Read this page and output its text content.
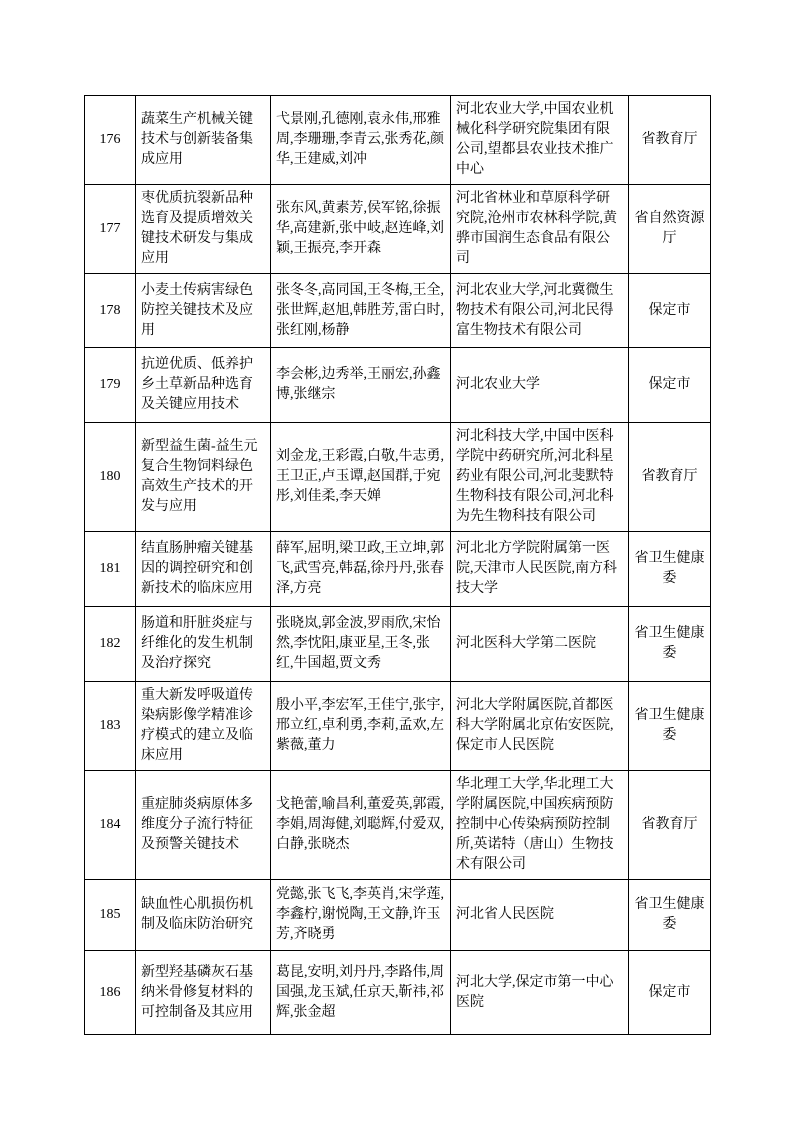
176	蔬菜生产机械关键技术与创新装备集成应用	弋景刚,孔德刚,袁永伟,邢雅周,李珊珊,李青云,张秀花,颜华,王建威,刘冲	河北农业大学,中国农业机械化科学研究院集团有限公司,望都县农业技术推广中心	省教育厅
177	枣优质抗裂新品种选育及提质增效关键技术研发与集成应用	张东风,黄素芳,侯军铭,徐振华,高建新,张中岐,赵连峰,刘颖,王振亮,李开森	河北省林业和草原科学研究院,沧州市农林科学院,黄骅市国润生态食品有限公司	省自然资源厅
178	小麦土传病害绿色防控关键技术及应用	张冬冬,高同国,王冬梅,王全,张世辉,赵旭,韩胜芳,雷白时,张红刚,杨静	河北农业大学,河北冀微生物技术有限公司,河北民得富生物技术有限公司	保定市
179	抗逆优质、低养护乡土草新品种选育及关键应用技术	李会彬,边秀举,王丽宏,孙鑫博,张继宗	河北农业大学	保定市
180	新型益生菌-益生元复合生物饲料绿色高效生产技术的开发与应用	刘金龙,王彩霞,白敬,牛志勇,王卫正,卢玉谭,赵国群,于宛彤,刘佳柔,李天婵	河北科技大学,中国中医科学院中药研究所,河北科星药业有限公司,河北斐默特生物科技有限公司,河北科为先生物科技有限公司	省教育厅
181	结直肠肿瘤关键基因的调控研究和创新技术的临床应用	薛军,屈明,梁卫政,王立坤,郭飞,武雪亮,韩磊,徐丹丹,张春泽,方亮	河北北方学院附属第一医院,天津市人民医院,南方科技大学	省卫生健康委
182	肠道和肝脏炎症与纤维化的发生机制及治疗探究	张晓岚,郭金波,罗雨欣,宋怡然,李忱阳,康亚星,王冬,张红,牛国超,贾文秀	河北医科大学第二医院	省卫生健康委
183	重大新发呼吸道传染病影像学精准诊疗模式的建立及临床应用	殷小平,李宏军,王佳宁,张宇,邢立红,卓利勇,李莉,孟欢,左紫薇,董力	河北大学附属医院,首都医科大学附属北京佑安医院,保定市人民医院	省卫生健康委
184	重症肺炎病原体多维度分子流行特征及预警关键技术	戈艳蕾,喻昌利,董爱英,郭霞,李娟,周海健,刘聪辉,付爱双,白静,张晓杰	华北理工大学,华北理工大学附属医院,中国疾病预防控制中心传染病预防控制所,英诺特（唐山）生物技术有限公司	省教育厅
185	缺血性心肌损伤机制及临床防治研究	党懿,张飞飞,李英肖,宋学莲,李鑫柠,谢悦陶,王文静,许玉芳,齐晓勇	河北省人民医院	省卫生健康委
186	新型羟基磷灰石基纳米骨修复材料的可控制备及其应用	葛昆,安明,刘丹丹,李路伟,周国强,龙玉斌,任京天,靳祎,祁辉,张金超	河北大学,保定市第一中心医院	保定市
